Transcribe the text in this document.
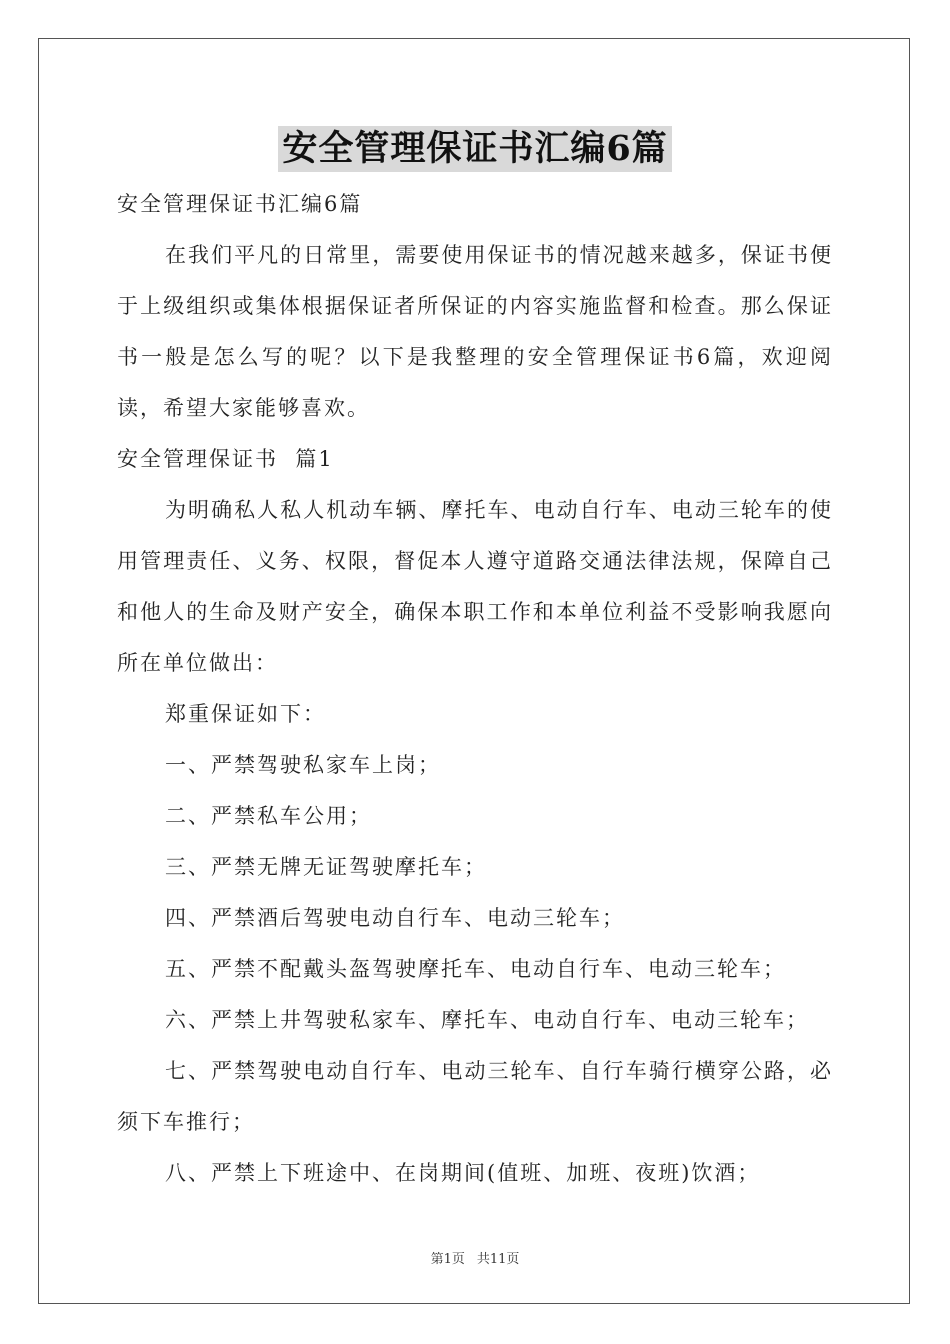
安全管理保证书汇编6篇

安全管理保证书汇编6篇

在我们平凡的日常里，需要使用保证书的情况越来越多，保证书便于上级组织或集体根据保证者所保证的内容实施监督和检查。那么保证书一般是怎么写的呢？以下是我整理的安全管理保证书6篇，欢迎阅读，希望大家能够喜欢。

安全管理保证书  篇1

为明确私人私人机动车辆、摩托车、电动自行车、电动三轮车的使用管理责任、义务、权限，督促本人遵守道路交通法律法规，保障自己和他人的生命及财产安全，确保本职工作和本单位利益不受影响我愿向所在单位做出：

郑重保证如下：

一、严禁驾驶私家车上岗；

二、严禁私车公用；

三、严禁无牌无证驾驶摩托车；

四、严禁酒后驾驶电动自行车、电动三轮车；

五、严禁不配戴头盔驾驶摩托车、电动自行车、电动三轮车；

六、严禁上井驾驶私家车、摩托车、电动自行车、电动三轮车；

七、严禁驾驶电动自行车、电动三轮车、自行车骑行横穿公路，必须下车推行；

八、严禁上下班途中、在岗期间(值班、加班、夜班)饮酒；

第1页 共11页
